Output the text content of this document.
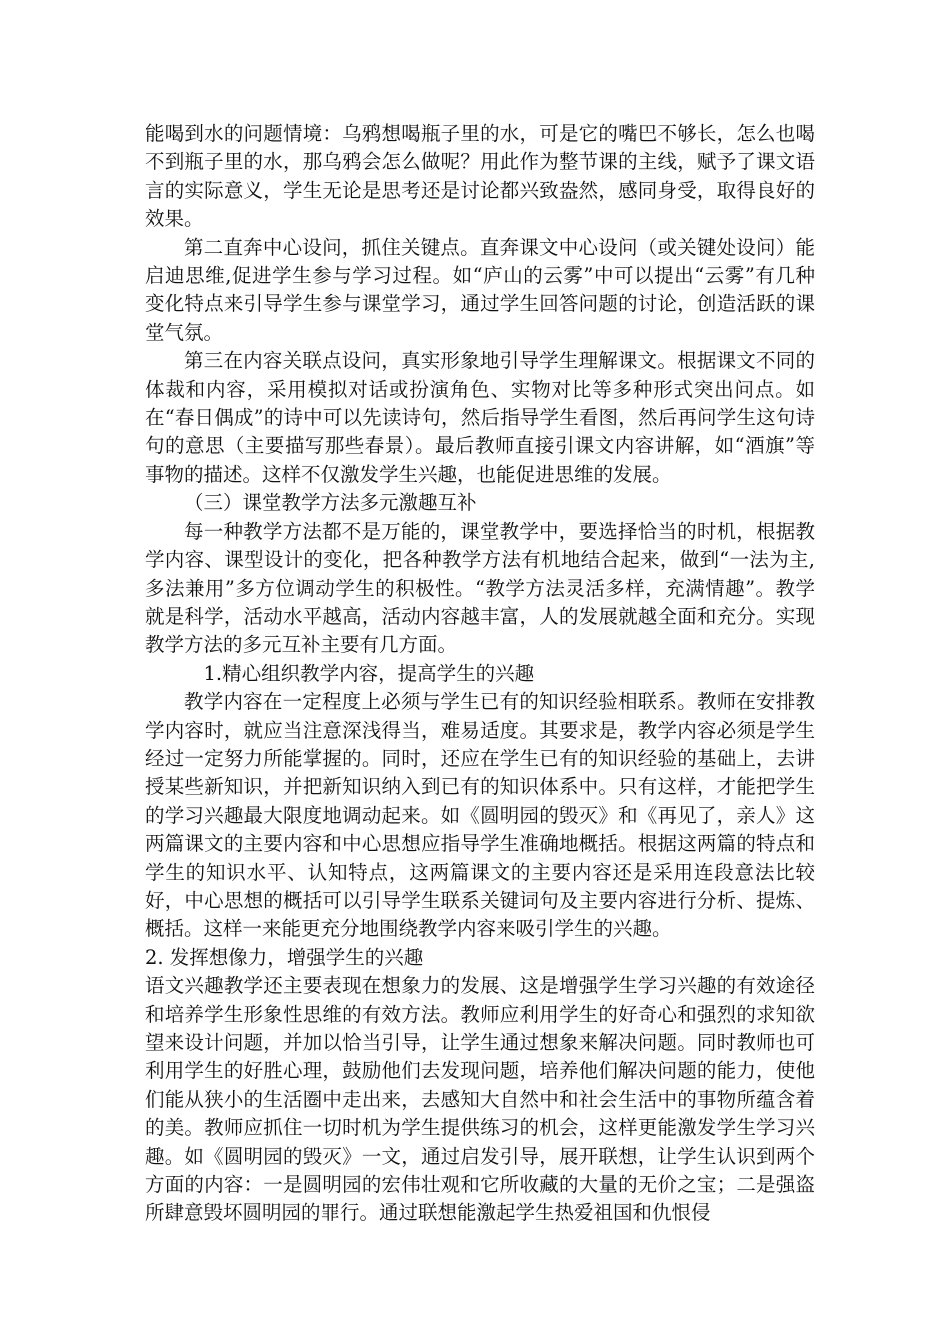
能喝到水的问题情境：乌鸦想喝瓶子里的水，可是它的嘴巴不够长，怎么也喝不到瓶子里的水，那乌鸦会怎么做呢？用此作为整节课的主线，赋予了课文语言的实际意义，学生无论是思考还是讨论都兴致盎然，感同身受，取得良好的效果。

第二直奔中心设问，抓住关键点。直奔课文中心设问（或关键处设问）能启迪思维,促进学生参与学习过程。如“庐山的云雾”中可以提出“云雾”有几种变化特点来引导学生参与课堂学习，通过学生回答问题的讨论，创造活跃的课堂气氛。

第三在内容关联点设问，真实形象地引导学生理解课文。根据课文不同的体裁和内容，采用模拟对话或扮演角色、实物对比等多种形式突出问点。如在“春日偶成”的诗中可以先读诗句，然后指导学生看图，然后再问学生这句诗句的意思（主要描写那些春景）。最后教师直接引课文内容讲解，如“酒旗”等事物的描述。这样不仅激发学生兴趣，也能促进思维的发展。

（三）课堂教学方法多元激趣互补

每一种教学方法都不是万能的，课堂教学中，要选择恰当的时机，根据教学内容、课型设计的变化，把各种教学方法有机地结合起来，做到“一法为主,多法兼用”多方位调动学生的积极性。“教学方法灵活多样，充满情趣”。教学就是科学，活动水平越高，活动内容越丰富，人的发展就越全面和充分。实现教学方法的多元互补主要有几方面。

1.精心组织教学内容，提高学生的兴趣

教学内容在一定程度上必须与学生已有的知识经验相联系。教师在安排教学内容时，就应当注意深浅得当，难易适度。其要求是，教学内容必须是学生经过一定努力所能掌握的。同时，还应在学生已有的知识经验的基础上，去讲授某些新知识，并把新知识纳入到已有的知识体系中。只有这样，才能把学生的学习兴趣最大限度地调动起来。如《圆明园的毁灭》和《再见了，亲人》这两篇课文的主要内容和中心思想应指导学生准确地概括。根据这两篇的特点和学生的知识水平、认知特点，这两篇课文的主要内容还是采用连段意法比较好，中心思想的概括可以引导学生联系关键词句及主要内容进行分析、提炼、概括。这样一来能更充分地围绕教学内容来吸引学生的兴趣。

2. 发挥想像力，增强学生的兴趣

语文兴趣教学还主要表现在想象力的发展、这是增强学生学习兴趣的有效途径和培养学生形象性思维的有效方法。教师应利用学生的好奇心和强烈的求知欲望来设计问题，并加以恰当引导，让学生通过想象来解决问题。同时教师也可利用学生的好胜心理，鼓励他们去发现问题，培养他们解决问题的能力，使他们能从狭小的生活圈中走出来，去感知大自然中和社会生活中的事物所蕴含着的美。教师应抓住一切时机为学生提供练习的机会，这样更能激发学生学习兴趣。如《圆明园的毁灭》一文，通过启发引导，展开联想，让学生认识到两个方面的内容：一是圆明园的宏伟壮观和它所收藏的大量的无价之宝；二是强盗所肆意毁坏圆明园的罪行。通过联想能激起学生热爱祖国和仇恨侵
